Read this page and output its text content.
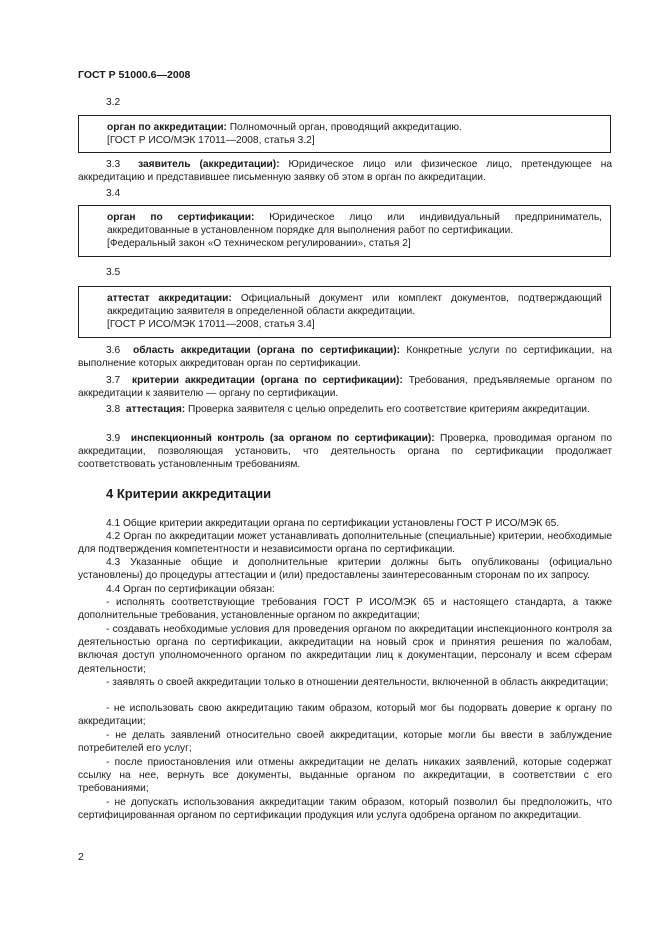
ГОСТ Р 51000.6—2008
3.2

орган по аккредитации: Полномочный орган, проводящий аккредитацию.

[ГОСТ Р ИСО/МЭК 17011—2008, статья 3.2]

3.3 заявитель (аккредитации): Юридическое лицо или физическое лицо, претендующее на аккредитацию и представившее письменную заявку об этом в орган по аккредитации.
3.4

орган по сертификации: Юридическое лицо или индивидуальный предприниматель, аккредитованные в установленном порядке для выполнения работ по сертификации.

[Федеральный закон «О техническом регулировании», статья 2]

3.5

аттестат аккредитации: Официальный документ или комплект документов, подтверждающий аккредитацию заявителя в определенной области аккредитации.

[ГОСТ Р ИСО/МЭК 17011—2008, статья 3.4]

3.6 область аккредитации (органа по сертификации): Конкретные услуги по сертификации, на выполнение которых аккредитован орган по сертификации.
3.7 критерии аккредитации (органа по сертификации): Требования, предъявляемые органом по аккредитации к заявителю — органу по сертификации.
3.8 аттестация: Проверка заявителя с целью определить его соответствие критериям аккредитации.
3.9 инспекционный контроль (за органом по сертификации): Проверка, проводимая органом по аккредитации, позволяющая установить, что деятельность органа по сертификации продолжает соответствовать установленным требованиям.
4 Критерии аккредитации
4.1 Общие критерии аккредитации органа по сертификации установлены ГОСТ Р ИСО/МЭК 65.
4.2 Орган по аккредитации может устанавливать дополнительные (специальные) критерии, необходимые для подтверждения компетентности и независимости органа по сертификации.
4.3 Указанные общие и дополнительные критерии должны быть опубликованы (официально установлены) до процедуры аттестации и (или) предоставлены заинтересованным сторонам по их запросу.
4.4 Орган по сертификации обязан:
- исполнять соответствующие требования ГОСТ Р ИСО/МЭК 65 и настоящего стандарта, а также дополнительные требования, установленные органом по аккредитации;
- создавать необходимые условия для проведения органом по аккредитации инспекционного контроля за деятельностью органа по сертификации, аккредитации на новый срок и принятия решения по жалобам, включая доступ уполномоченного органом по аккредитации лиц к документации, персоналу и всем сферам деятельности;
- заявлять о своей аккредитации только в отношении деятельности, включенной в область аккредитации;
- не использовать свою аккредитацию таким образом, который мог бы подорвать доверие к органу по аккредитации;
- не делать заявлений относительно своей аккредитации, которые могли бы ввести в заблуждение потребителей его услуг;
- после приостановления или отмены аккредитации не делать никаких заявлений, которые содержат ссылку на нее, вернуть все документы, выданные органом по аккредитации, в соответствии с его требованиями;
- не допускать использования аккредитации таким образом, который позволил бы предположить, что сертифицированная органом по сертификации продукция или услуга одобрена органом по аккредитации.
2
